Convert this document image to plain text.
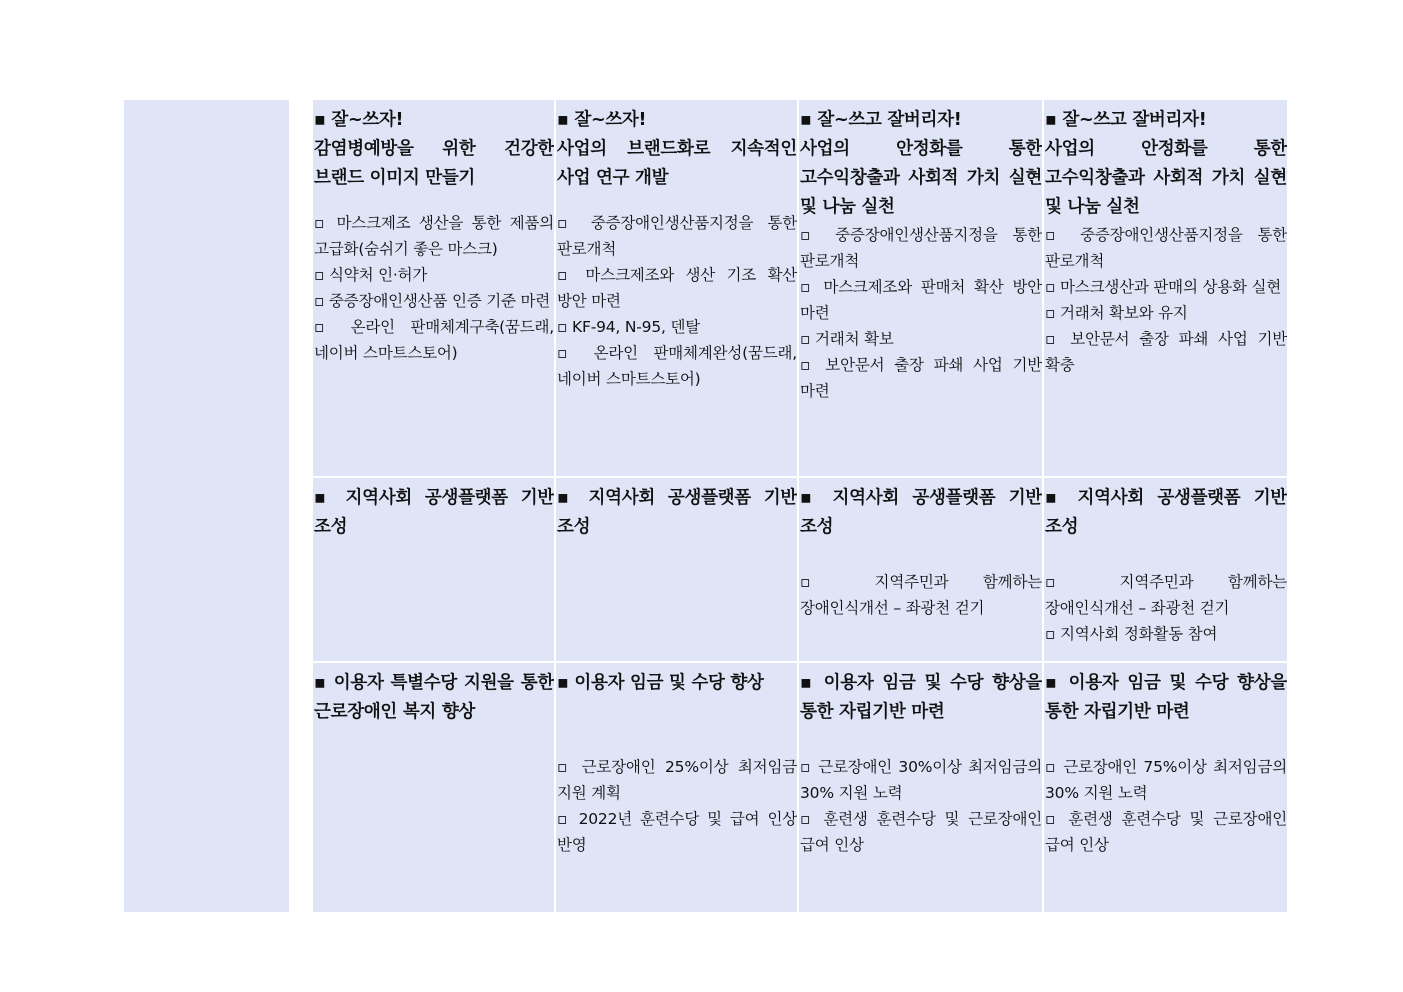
▪ 잘~쓰자!
감염병예방을 위한 건강한 브랜드 이미지 만들기

▫ 마스크제조 생산을 통한 제품의 고급화(숨쉬기 좋은 마스크)

▫ 식약처 인·허가

▫ 중증장애인생산품 인증 기준 마련

▫ 온라인 판매체계구축(꿈드래, 네이버 스마트스토어)

▪ 잘~쓰자!
사업의 브랜드화로 지속적인 사업 연구 개발

▫ 중증장애인생산품지정을 통한 판로개척

▫ 마스크제조와 생산 기조 확산 방안 마련

▫ KF-94, N-95, 덴탈

▫ 온라인 판매체계완성(꿈드래, 네이버 스마트스토어)

▪ 잘~쓰고 잘버리자!
사업의 안정화를 통한 고수익창출과 사회적 가치 실현 및 나눔 실천

▫ 중증장애인생산품지정을 통한 판로개척

▫ 마스크제조와 판매처 확산 방안 마련

▫ 거래처 확보

▫ 보안문서 출장 파쇄 사업 기반 마련

▪ 잘~쓰고 잘버리자!
사업의 안정화를 통한 고수익창출과 사회적 가치 실현 및 나눔 실천

▫ 중증장애인생산품지정을 통한 판로개척

▫ 마스크생산과 판매의 상용화 실현

▫ 거래처 확보와 유지

▫ 보안문서 출장 파쇄 사업 기반 확충

▪ 지역사회 공생플랫폼 기반 조성

▪ 지역사회 공생플랫폼 기반 조성

▪ 지역사회 공생플랫폼 기반 조성

▫ 지역주민과 함께하는 장애인식개선 – 좌광천 걷기

▪ 지역사회 공생플랫폼 기반 조성

▫ 지역주민과 함께하는 장애인식개선 – 좌광천 걷기

▫ 지역사회 정화활동 참여

▪ 이용자 특별수당 지원을 통한 근로장애인 복지 향상

▪ 이용자 임금 및 수당 향상

▫ 근로장애인 25%이상 최저임금 지원 계획

▫ 2022년 훈련수당 및 급여 인상 반영

▪ 이용자 임금 및 수당 향상을 통한 자립기반 마련

▫ 근로장애인 30%이상 최저임금의 30% 지원 노력

▫ 훈련생 훈련수당 및 근로장애인 급여 인상

▪ 이용자 임금 및 수당 향상을 통한 자립기반 마련

▫ 근로장애인 75%이상 최저임금의 30% 지원 노력

▫ 훈련생 훈련수당 및 근로장애인 급여 인상
